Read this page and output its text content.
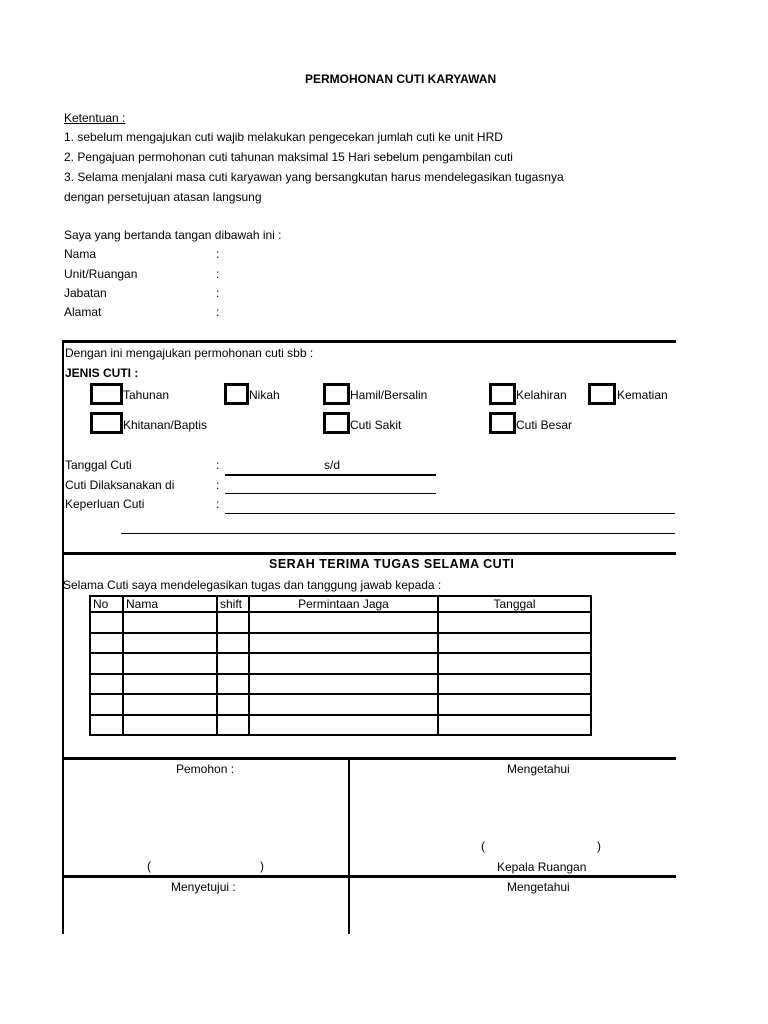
PERMOHONAN CUTI KARYAWAN
Ketentuan :
1. sebelum mengajukan cuti wajib melakukan pengecekan jumlah cuti ke unit HRD
2. Pengajuan permohonan cuti tahunan maksimal 15 Hari sebelum pengambilan cuti
3. Selama menjalani masa cuti karyawan yang bersangkutan harus mendelegasikan tugasnya
dengan persetujuan atasan langsung
Saya yang bertanda tangan dibawah ini :
Nama	:
Unit/Ruangan	:
Jabatan	:
Alamat	:
Dengan ini mengajukan permohonan cuti sbb :
JENIS CUTI :
Tahunan	Nikah	Hamil/Bersalin	Kelahiran	Kematian
Khitanan/Baptis	Cuti Sakit	Cuti Besar
Tanggal Cuti	:	s/d
Cuti Dilaksanakan di	:
Keperluan Cuti	:
SERAH TERIMA TUGAS SELAMA CUTI
Selama Cuti saya mendelegasikan tugas dan tanggung jawab kepada :
No	Nama	shift	Permintaan Jaga	Tanggal

Pemohon :	Mengetahui
(	)
(	)	Kepala Ruangan
Menyetujui :	Mengetahui
